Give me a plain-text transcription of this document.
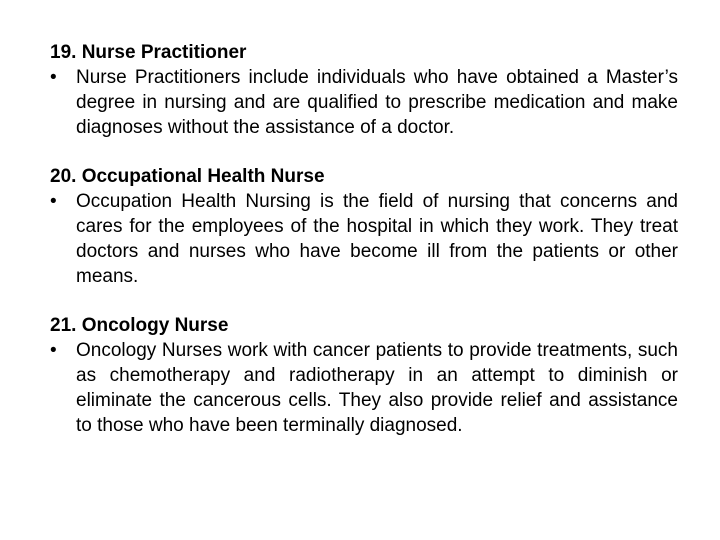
19. Nurse Practitioner

•	Nurse Practitioners include individuals who have obtained a Master’s degree in nursing and are qualified to prescribe medication and make diagnoses without the assistance of a doctor.

20. Occupational Health Nurse

•	Occupation Health Nursing is the field of nursing that concerns and cares for the employees of the hospital in which they work. They treat doctors and nurses who have become ill from the patients or other means.

21. Oncology Nurse

•	Oncology Nurses work with cancer patients to provide treatments, such as chemotherapy and radiotherapy in an attempt to diminish or eliminate the cancerous cells. They also provide relief and assistance to those who have been terminally diagnosed.
